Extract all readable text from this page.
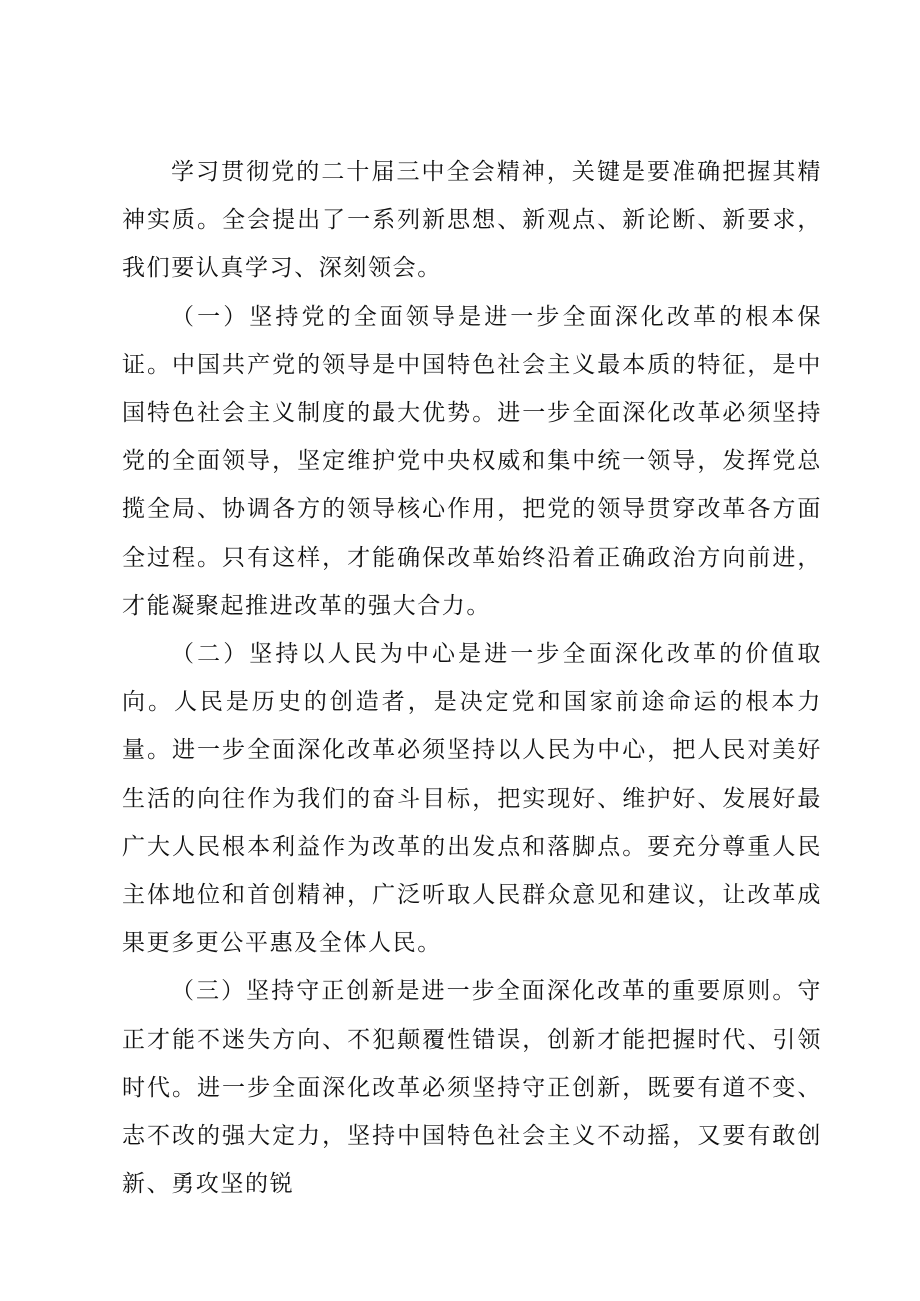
学习贯彻党的二十届三中全会精神，关键是要准确把握其精神实质。全会提出了一系列新思想、新观点、新论断、新要求，我们要认真学习、深刻领会。

（一）坚持党的全面领导是进一步全面深化改革的根本保证。中国共产党的领导是中国特色社会主义最本质的特征，是中国特色社会主义制度的最大优势。进一步全面深化改革必须坚持党的全面领导，坚定维护党中央权威和集中统一领导，发挥党总揽全局、协调各方的领导核心作用，把党的领导贯穿改革各方面全过程。只有这样，才能确保改革始终沿着正确政治方向前进，才能凝聚起推进改革的强大合力。

（二）坚持以人民为中心是进一步全面深化改革的价值取向。人民是历史的创造者，是决定党和国家前途命运的根本力量。进一步全面深化改革必须坚持以人民为中心，把人民对美好生活的向往作为我们的奋斗目标，把实现好、维护好、发展好最广大人民根本利益作为改革的出发点和落脚点。要充分尊重人民主体地位和首创精神，广泛听取人民群众意见和建议，让改革成果更多更公平惠及全体人民。

（三）坚持守正创新是进一步全面深化改革的重要原则。守正才能不迷失方向、不犯颠覆性错误，创新才能把握时代、引领时代。进一步全面深化改革必须坚持守正创新，既要有道不变、志不改的强大定力，坚持中国特色社会主义不动摇，又要有敢创新、勇攻坚的锐
